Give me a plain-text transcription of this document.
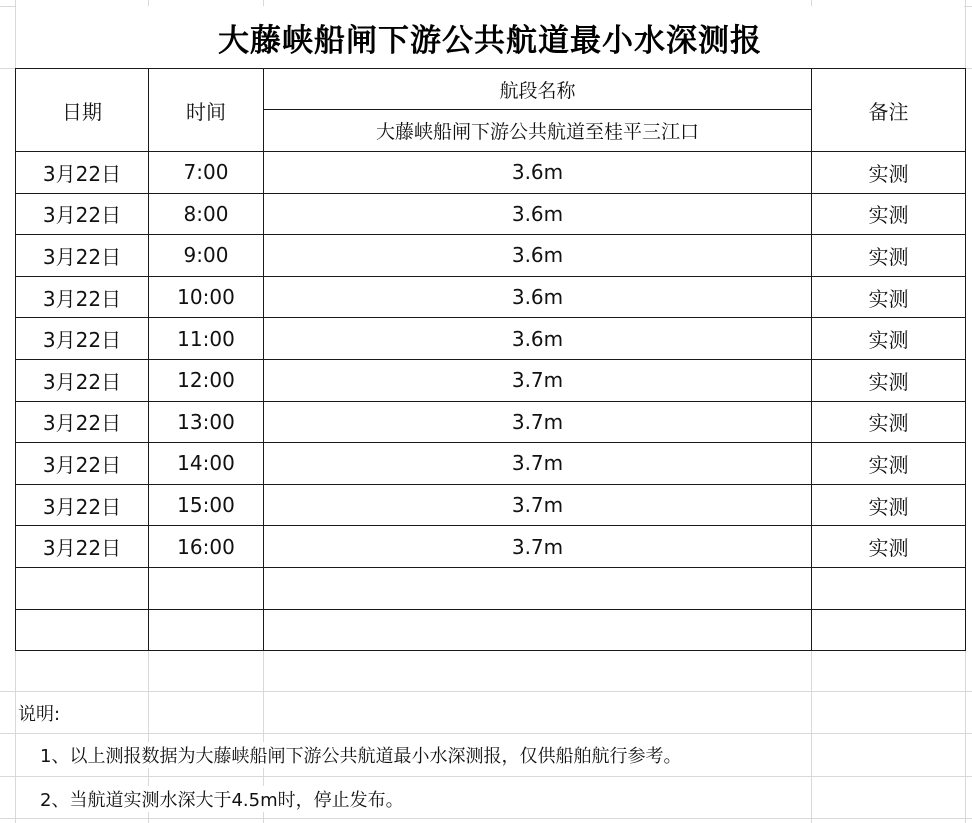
大藤峡船闸下游公共航道最小水深测报
日期	时间	航段名称	备注
		大藤峡船闸下游公共航道至桂平三江口	
3月22日	7:00	3.6m	实测
3月22日	8:00	3.6m	实测
3月22日	9:00	3.6m	实测
3月22日	10:00	3.6m	实测
3月22日	11:00	3.6m	实测
3月22日	12:00	3.7m	实测
3月22日	13:00	3.7m	实测
3月22日	14:00	3.7m	实测
3月22日	15:00	3.7m	实测
3月22日	16:00	3.7m	实测

说明:
1、以上测报数据为大藤峡船闸下游公共航道最小水深测报，仅供船舶航行参考。
2、当航道实测水深大于4.5m时，停止发布。
